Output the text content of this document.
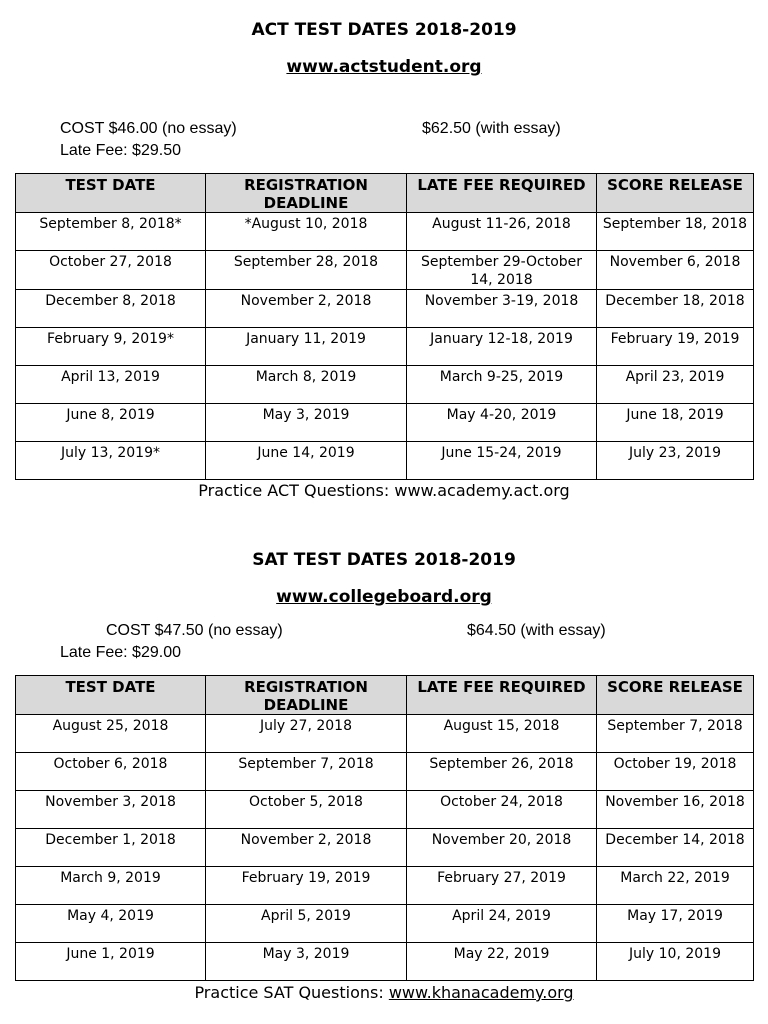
ACT TEST DATES 2018-2019
www.actstudent.org
COST $46.00 (no essay)	$62.50 (with essay)
Late Fee: $29.50
TEST DATE	REGISTRATION DEADLINE	LATE FEE REQUIRED	SCORE RELEASE
September 8, 2018*	*August 10, 2018	August 11-26, 2018	September 18, 2018
October 27, 2018	September 28, 2018	September 29-October 14, 2018	November 6, 2018
December 8, 2018	November 2, 2018	November 3-19, 2018	December 18, 2018
February 9, 2019*	January 11, 2019	January 12-18, 2019	February 19, 2019
April 13, 2019	March 8, 2019	March 9-25, 2019	April 23, 2019
June 8, 2019	May 3, 2019	May 4-20, 2019	June 18, 2019
July 13, 2019*	June 14, 2019	June 15-24, 2019	July 23, 2019
Practice ACT Questions: www.academy.act.org
SAT TEST DATES 2018-2019
www.collegeboard.org
COST $47.50 (no essay)	$64.50 (with essay)
Late Fee: $29.00
TEST DATE	REGISTRATION DEADLINE	LATE FEE REQUIRED	SCORE RELEASE
August 25, 2018	July 27, 2018	August 15, 2018	September 7, 2018
October 6, 2018	September 7, 2018	September 26, 2018	October 19, 2018
November 3, 2018	October 5, 2018	October 24, 2018	November 16, 2018
December 1, 2018	November 2, 2018	November 20, 2018	December 14, 2018
March 9, 2019	February 19, 2019	February 27, 2019	March 22, 2019
May 4, 2019	April 5, 2019	April 24, 2019	May 17, 2019
June 1, 2019	May 3, 2019	May 22, 2019	July 10, 2019
Practice SAT Questions: www.khanacademy.org
